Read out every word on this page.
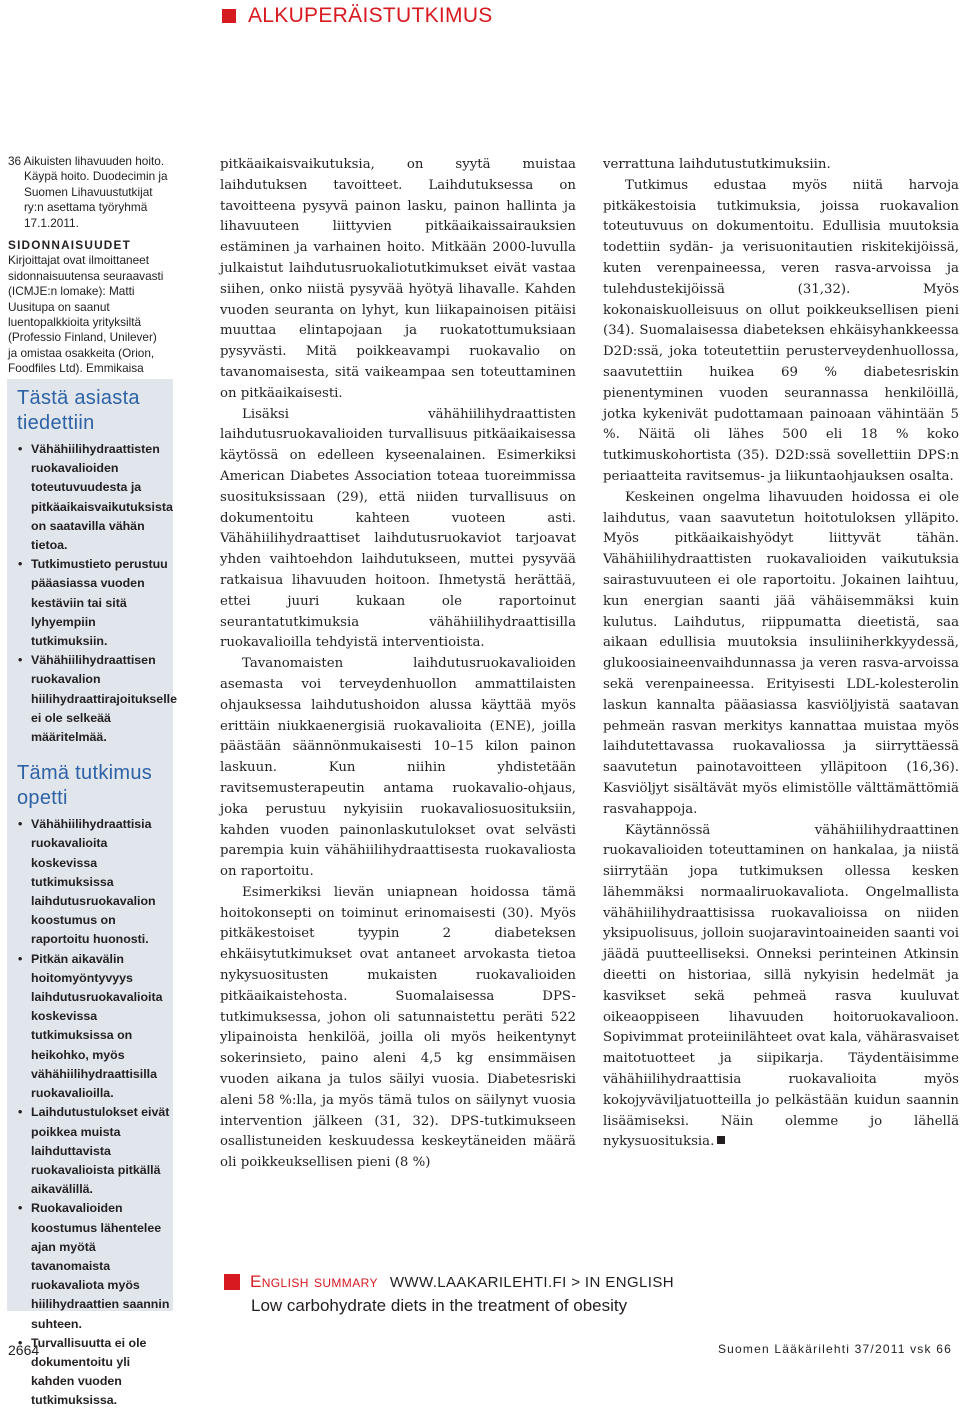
ALKUPERÄISTUTKIMUS
36 Aikuisten lihavuuden hoito. Käypä hoito. Duodecimin ja Suomen Lihavuustutkijat ry:n asettama työryhmä 17.1.2011.
SIDONNAISUUDET
Kirjoittajat ovat ilmoittaneet sidonnaisuutensa seuraavasti (ICMJE:n lomake): Matti Uusitupa on saanut luentopalkkioita yrityksiltä (Professio Finland, Unilever) ja omistaa osakkeita (Orion, Foodfiles Ltd). Emmikaisa
Tästä asiasta tiedettiin
• Vähähiilihydraattisten ruokavalioiden toteutuvuudesta ja pitkäaikaisvaikutuksista on saatavilla vähän tietoa.
• Tutkimustieto perustuu pääasiassa vuoden kestäviin tai sitä lyhyempiin tutkimuksiin.
• Vähähiilihydraattisen ruokavalion hiilihydraattirajoitukselle ei ole selkeää määritelmää.
Tämä tutkimus opetti
• Vähähiilihydraattisia ruokavalioita koskevissa tutkimuksissa laihdutusruokavalion koostumus on raportoitu huonosti.
• Pitkän aikavälin hoitomyöntyvyys laihdutusruokavalioita koskevissa tutkimuksissa on heikohko, myös vähähiilihydraattisilla ruokavalioilla.
• Laihdutustulokset eivät poikkea muista laihduttavista ruokavalioista pitkällä aikavälillä.
• Ruokavalioiden koostumus lähentelee ajan myötä tavanomaista ruokavaliota myös hiilihydraattien saannin suhteen.
• Turvallisuutta ei ole dokumentoitu yli kahden vuoden tutkimuksissa.

pitkäaikaisvaikutuksia, on syytä muistaa laihdutuksen tavoitteet. Laihdutuksessa on tavoitteena pysyvä painon lasku, painon hallinta ja lihavuuteen liittyvien pitkäaikaissairauksien estäminen ja varhainen hoito. Mitkään 2000-luvulla julkaistut laihdutusruokaliotutkimukset eivät vastaa siihen, onko niistä pysyvää hyötyä lihavalle. Kahden vuoden seuranta on lyhyt, kun liikapainoisen pitäisi muuttaa elintapojaan ja ruokatottumuksiaan pysyvästi. Mitä poikkeavampi ruokavalio on tavanomaisesta, sitä vaikeampaa sen toteuttaminen on pitkäaikaisesti.

Lisäksi vähähiilihydraattisten laihdutusruokavalioiden turvallisuus pitkäaikaisessa käytössä on edelleen kyseenalainen. Esimerkiksi American Diabetes Association toteaa tuoreimmissa suosituksissaan (29), että niiden turvallisuus on dokumentoitu kahteen vuoteen asti. Vähähiilihydraattiset laihdutusruokaviot tarjoavat yhden vaihtoehdon laihdutukseen, muttei pysyvää ratkaisua lihavuuden hoitoon. Ihmetystä herättää, ettei juuri kukaan ole raportoinut seurantatutkimuksia vähähiilihydraattisilla ruokavalioilla tehdyistä interventioista.

Tavanomaisten laihdutusruokavalioiden asemasta voi terveydenhuollon ammattilaisten ohjauksessa laihdutushoidon alussa käyttää myös erittäin niukkaenergisiä ruokavalioita (ENE), joilla päästään säännönmukaisesti 10–15 kilon painon laskuun. Kun niihin yhdistetään ravitsemusterapeutin antama ruokavalio-ohjaus, joka perustuu nykyisiin ruokavaliosuosituksiin, kahden vuoden painonlaskutulokset ovat selvästi parempia kuin vähähiilihydraattisesta ruokavaliosta on raportoitu.

Esimerkiksi lievän uniapnean hoidossa tämä hoitokonsepti on toiminut erinomaisesti (30). Myös pitkäkestoiset tyypin 2 diabeteksen ehkäisytutkimukset ovat antaneet arvokasta tietoa nykysuositusten mukaisten ruokavalioiden pitkäaikaistehosta. Suomalaisessa DPS- tutkimuksessa, johon oli satunnaistettu peräti 522 ylipainoista henkilöä, joilla oli myös heikentynyt sokerinsieto, paino aleni 4,5 kg ensimmäisen vuoden aikana ja tulos säilyi vuosia. Diabetesriski aleni 58 %:lla, ja myös tämä tulos on säilynyt vuosia intervention jälkeen (31, 32). DPS-tutkimukseen osallistuneiden keskuudessa keskeytäneiden määrä oli poikkeuksellisen pieni (8 %)

verrattuna laihdutustutkimuksiin.

Tutkimus edustaa myös niitä harvoja pitkäkestoisia tutkimuksia, joissa ruokavalion toteutuvuus on dokumentoitu. Edullisia muutoksia todettiin sydän- ja verisuonitautien riskitekijöissä, kuten verenpaineessa, veren rasva-arvoissa ja tulehdustekijöissä (31,32). Myös kokonaiskuolleisuus on ollut poikkeuksellisen pieni (34). Suomalaisessa diabeteksen ehkäisyhankkeessa D2D:ssä, joka toteutettiin perusterveydenhuollossa, saavutettiin huikea 69 % diabetesriskin pienentyminen vuoden seurannassa henkilöillä, jotka kykenivät pudottamaan painoaan vähintään 5 %. Näitä oli lähes 500 eli 18 % koko tutkimuskohortista (35). D2D:ssä sovellettiin DPS:n periaatteita ravitsemus- ja liikuntaohjauksen osalta.

Keskeinen ongelma lihavuuden hoidossa ei ole laihdutus, vaan saavutetun hoitotuloksen ylläpito. Myös pitkäaikaishyödyt liittyvät tähän. Vähähiilihydraattisten ruokavalioiden vaikutuksia sairastuvuuteen ei ole raportoitu. Jokainen laihtuu, kun energian saanti jää vähäisemmäksi kuin kulutus. Laihdutus, riippumatta dieetistä, saa aikaan edullisia muutoksia insuliiniherkkyydessä, glukoosiaineenvaihdunnassa ja veren rasva-arvoissa sekä verenpaineessa. Erityisesti LDL-kolesterolin laskun kannalta pääasiassa kasviöljyistä saatavan pehmeän rasvan merkitys kannattaa muistaa myös laihdutettavassa ruokavaliossa ja siirryttäessä saavutetun painotavoitteen ylläpitoon (16,36). Kasviöljyt sisältävät myös elimistölle välttämättömiä rasvahappoja.

Käytännössä vähähiilihydraattinen ruokavalioiden toteuttaminen on hankalaa, ja niistä siirrytään jopa tutkimuksen ollessa kesken lähemmäksi normaaliruokavaliota. Ongelmallista vähähiilihydraattisissa ruokavalioissa on niiden yksipuolisuus, jolloin suojaravintoaineiden saanti voi jäädä puutteelliseksi. Onneksi perinteinen Atkinsin dieetti on historiaa, sillä nykyisin hedelmät ja kasvikset sekä pehmeä rasva kuuluvat oikeaoppiseen lihavuuden hoitoruokavalioon. Sopivimmat proteiinilähteet ovat kala, vähärasvaiset maitotuotteet ja siipikarja. Täydentäisimme vähähiilihydraattisia ruokavalioita myös kokojyväviljatuotteilla jo pelkästään kuidun saannin lisäämiseksi. Näin olemme jo lähellä nykysuosituksia.

English summary WWW.LAAKARILEHTI.FI > IN ENGLISH
Low carbohydrate diets in the treatment of obesity
2664	Suomen Lääkärilehti 37/2011 vsk 66
